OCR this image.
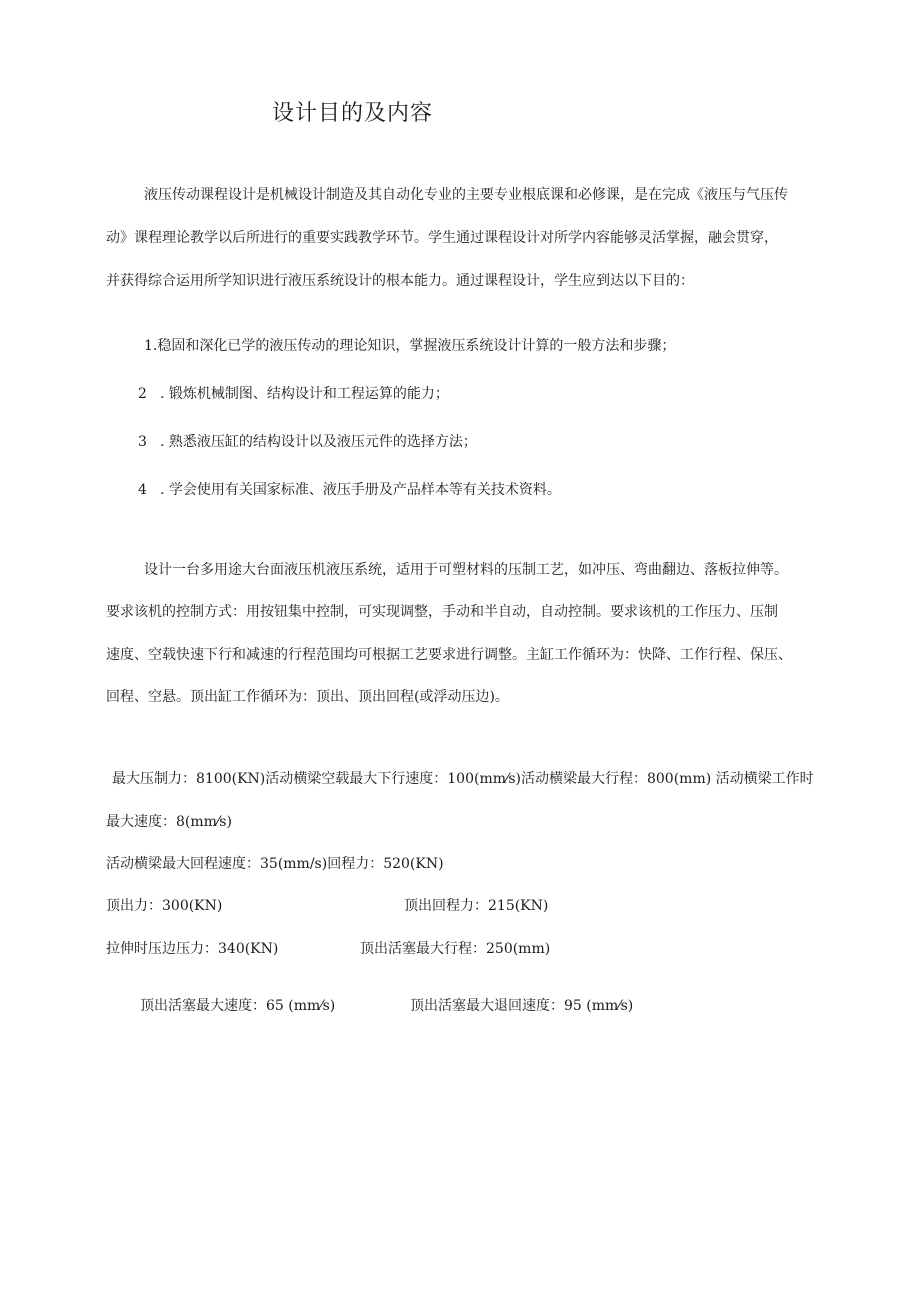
设计目的及内容
液压传动课程设计是机械设计制造及其自动化专业的主要专业根底课和必修课，是在完成《液压与气压传
动》课程理论教学以后所进行的重要实践教学环节。学生通过课程设计对所学内容能够灵活掌握，融会贯穿，
并获得综合运用所学知识进行液压系统设计的根本能力。通过课程设计，学生应到达以下目的：
1.稳固和深化已学的液压传动的理论知识，掌握液压系统设计计算的一般方法和步骤；
2 . 锻炼机械制图、结构设计和工程运算的能力；
3 . 熟悉液压缸的结构设计以及液压元件的选择方法；
4 . 学会使用有关国家标准、液压手册及产品样本等有关技术资料。
设计一台多用途大台面液压机液压系统，适用于可塑材料的压制工艺，如冲压、弯曲翻边、落板拉伸等。
要求该机的控制方式：用按钮集中控制，可实现调整，手动和半自动，自动控制。要求该机的工作压力、压制
速度、空载快速下行和减速的行程范围均可根据工艺要求进行调整。主缸工作循环为：快降、工作行程、保压、
回程、空悬。顶出缸工作循环为：顶出、顶出回程(或浮动压边)。
最大压制力：8100(KN)活动横梁空载最大下行速度：100(mm⁄s)活动横梁最大行程：800(mm) 活动横梁工作时
最大速度：8(mm⁄s)
活动横梁最大回程速度：35(mm/s)回程力：520(KN)
顶出力：300(KN)	顶出回程力：215(KN)
拉伸时压边压力：340(KN)	顶出活塞最大行程：250(mm)
顶出活塞最大速度：65 (mm⁄s)	顶出活塞最大退回速度：95 (mm⁄s)
